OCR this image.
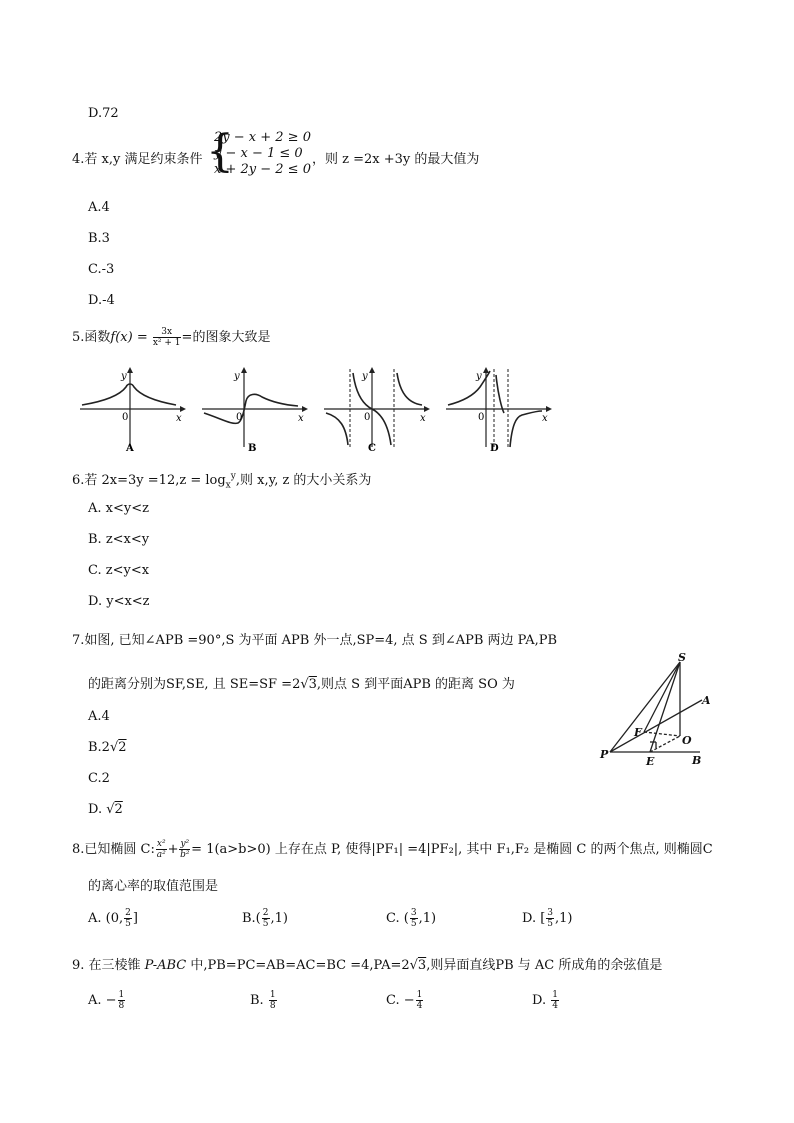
D.72
4.若 x,y 满足约束条件 {
2y − x + 2 ≥ 0
y − x − 1 ≤ 0
x + 2y − 2 ≤ 0
，则 z =2x +3y 的最大值为
A.4
B.3
C.-3
D.-4
5.函数$f(x) = \frac{3x}{\text{x² + 1}}$ =的图象大致是
y
0	x
A
y
0	x
B
y
0	x
C
y
0	x
D
6.若 $2x=3y =12,z = \log_x^y$,则 x,y, z 的大小关系为
A. x<y<z
B. z<x<y
C. z<y<x
D. y<x<z
7.如图, 已知∠APB =90°,S 为平面 APB 外一点,SP=4, 点 S 到∠APB 两边 PA,PB
的距离分别为SF,SE, 且 SE=SF =2√3,则点 S 到平面APB 的距离 SO 为
A.4
B.2√2
C.2
D. √2
S
A
F
O
P
E	B
8.已知椭圆 C: $\frac{\text{x²}}{\text{a²}} + \frac{\text{y²}}{\text{b²}} = 1(a>b>0)$ 上存在点 P, 使得|PF₁| =4|PF₂|, 其中 F₁,F₂ 是椭圆 C 的两个焦点, 则椭圆C
的离心率的取值范围是
A. (0, $\frac{2}{5}$ ]	$B.( \frac{2}{5} ,1)$	C. ( $\frac{3}{5} ,1$)	D. [ $\frac{3}{5} ,1$)
9. 在三棱锥 P-ABC 中,PB=PC=AB=AC=BC =4,PA=2√3,则异面直线PB 与 AC 所成角的余弦值是
A. − $\frac{1}{8}$	B. $\frac{1}{8}$	C. − $\frac{1}{4}$	D. $\frac{1}{4}$
